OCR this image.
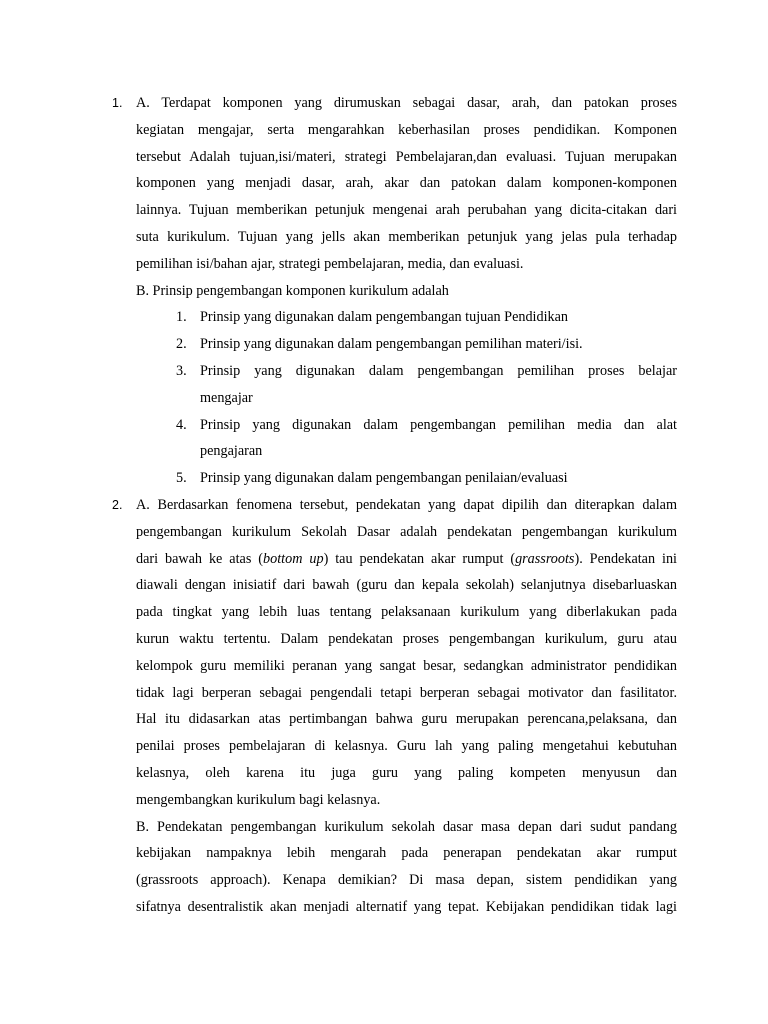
1. A. Terdapat komponen yang dirumuskan sebagai dasar, arah, dan patokan proses
kegiatan mengajar, serta mengarahkan keberhasilan proses pendidikan. Komponen
tersebut Adalah tujuan,isi/materi, strategi Pembelajaran,dan evaluasi. Tujuan merupakan
komponen yang menjadi dasar, arah, akar dan patokan dalam komponen-komponen
lainnya. Tujuan memberikan petunjuk mengenai arah perubahan yang dicita-citakan dari
suta kurikulum. Tujuan yang jells akan memberikan petunjuk yang jelas pula terhadap
pemilihan isi/bahan ajar, strategi pembelajaran, media, dan evaluasi.
B. Prinsip pengembangan komponen kurikulum adalah
1. Prinsip yang digunakan dalam pengembangan tujuan Pendidikan
2. Prinsip yang digunakan dalam pengembangan pemilihan materi/isi.
3. Prinsip yang digunakan dalam pengembangan pemilihan proses belajar
mengajar
4. Prinsip yang digunakan dalam pengembangan pemilihan media dan alat
pengajaran
5. Prinsip yang digunakan dalam pengembangan penilaian/evaluasi
2. A. Berdasarkan fenomena tersebut, pendekatan yang dapat dipilih dan diterapkan dalam
pengembangan kurikulum Sekolah Dasar adalah pendekatan pengembangan kurikulum
dari bawah ke atas (bottom up) tau pendekatan akar rumput (grassroots). Pendekatan ini
diawali dengan inisiatif dari bawah (guru dan kepala sekolah) selanjutnya disebarluaskan
pada tingkat yang lebih luas tentang pelaksanaan kurikulum yang diberlakukan pada
kurun waktu tertentu. Dalam pendekatan proses pengembangan kurikulum, guru atau
kelompok guru memiliki peranan yang sangat besar, sedangkan administrator pendidikan
tidak lagi berperan sebagai pengendali tetapi berperan sebagai motivator dan fasilitator.
Hal itu didasarkan atas pertimbangan bahwa guru merupakan perencana,pelaksana, dan
penilai proses pembelajaran di kelasnya. Guru lah yang paling mengetahui kebutuhan
kelasnya, oleh karena itu juga guru yang paling kompeten menyusun dan
mengembangkan kurikulum bagi kelasnya.
B. Pendekatan pengembangan kurikulum sekolah dasar masa depan dari sudut pandang
kebijakan nampaknya lebih mengarah pada penerapan pendekatan akar rumput
(grassroots approach). Kenapa demikian? Di masa depan, sistem pendidikan yang
sifatnya desentralistik akan menjadi alternatif yang tepat. Kebijakan pendidikan tidak lagi
